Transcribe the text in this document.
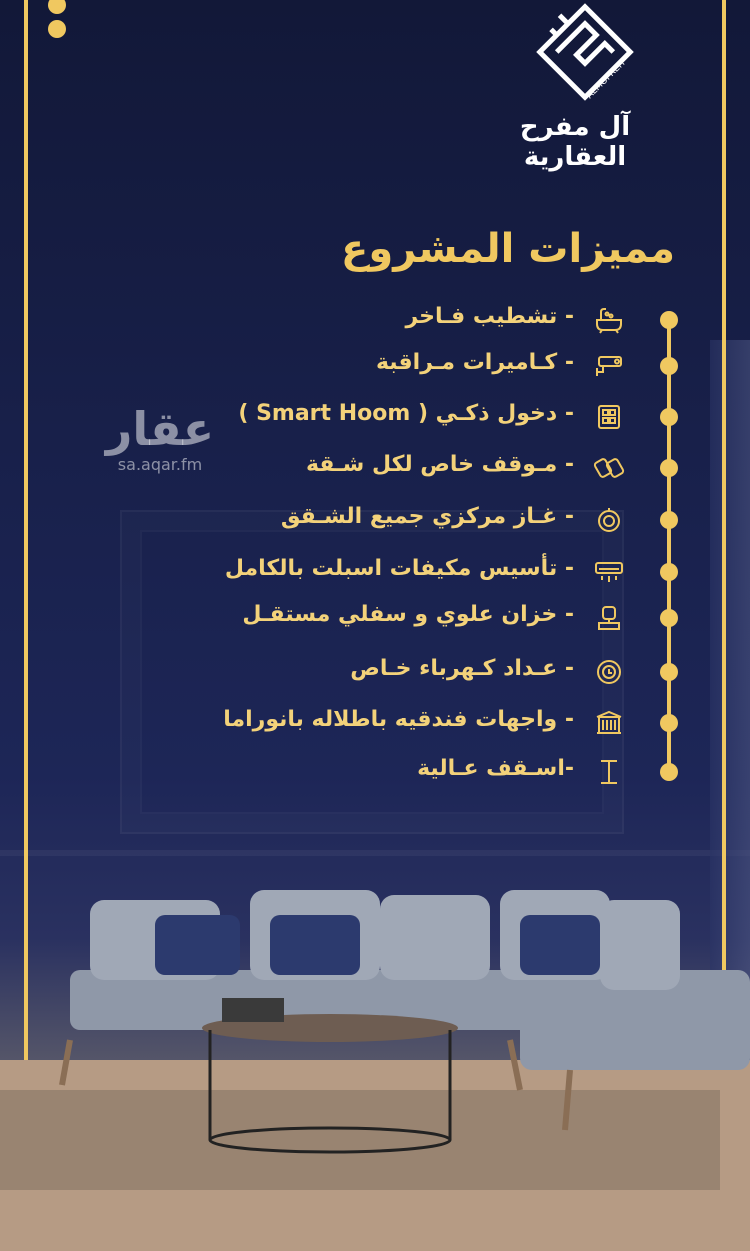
ALMOFREH
آل مفرح العقارية
مميزات المشروع
- تشطيب فـاخر
- كـاميرات مـراقبة
- دخول ذكـي ( Smart Hoom )
- مـوقف خاص لكل شـقة
- غـاز مركزي جميع الشـقق
- تأسيس مكيفات اسبلت بالكامل
- خزان علوي و سفلي مستقـل
- عـداد كـهرباء خـاص
- واجهات فندقيه باطلاله بانوراما
-اسـقف عـالية
عقار
sa.aqar.fm
